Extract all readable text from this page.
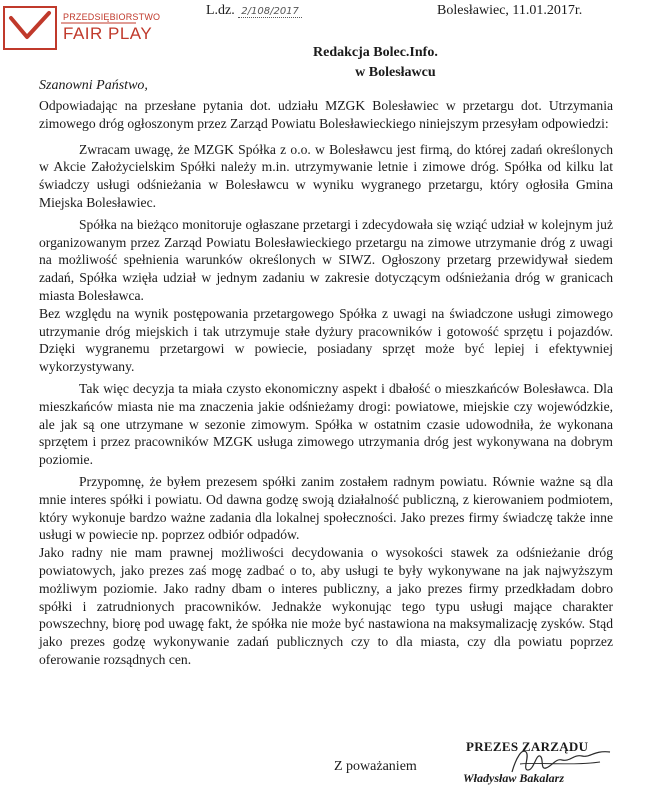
PRZEDSIĘBIORSTWO
FAIR PLAY
L.dz. 2/108/2017	Bolesławiec, 11.01.2017r.
Redakcja Bolec.Info.
w Bolesławcu
Szanowni Państwo,

Odpowiadając na przesłane pytania dot. udziału MZGK Bolesławiec w przetargu dot. Utrzymania zimowego dróg ogłoszonym przez Zarząd Powiatu Bolesławieckiego niniejszym przesyłam odpowiedzi:

Zwracam uwagę, że MZGK Spółka z o.o. w Bolesławcu jest firmą, do której zadań określonych w Akcie Założycielskim Spółki należy m.in. utrzymywanie letnie i zimowe dróg. Spółka od kilku lat świadczy usługi odśnieżania w Bolesławcu w wyniku wygranego przetargu, który ogłosiła Gmina Miejska Bolesławiec.

Spółka na bieżąco monitoruje ogłaszane przetargi i zdecydowała się wziąć udział w kolejnym już organizowanym przez Zarząd Powiatu Bolesławieckiego przetargu na zimowe utrzymanie dróg z uwagi na możliwość spełnienia warunków określonych w SIWZ. Ogłoszony przetarg przewidywał siedem zadań, Spółka wzięła udział w jednym zadaniu w zakresie dotyczącym odśnieżania dróg w granicach miasta Bolesławca.

Bez względu na wynik postępowania przetargowego Spółka z uwagi na świadczone usługi zimowego utrzymanie dróg miejskich i tak utrzymuje stałe dyżury pracowników i gotowość sprzętu i pojazdów. Dzięki wygranemu przetargowi w powiecie, posiadany sprzęt może być lepiej i efektywniej wykorzystywany.

Tak więc decyzja ta miała czysto ekonomiczny aspekt i dbałość o mieszkańców Bolesławca. Dla mieszkańców miasta nie ma znaczenia jakie odśnieżamy drogi: powiatowe, miejskie czy wojewódzkie, ale jak są one utrzymane w sezonie zimowym. Spółka w ostatnim czasie udowodniła, że wykonana sprzętem i przez pracowników MZGK usługa zimowego utrzymania dróg jest wykonywana na dobrym poziomie.

Przypomnę, że byłem prezesem spółki zanim zostałem radnym powiatu. Równie ważne są dla mnie interes spółki i powiatu. Od dawna godzę swoją działalność publiczną, z kierowaniem podmiotem, który wykonuje bardzo ważne zadania dla lokalnej społeczności. Jako prezes firmy świadczę także inne usługi w powiecie np. poprzez odbiór odpadów.

Jako radny nie mam prawnej możliwości decydowania o wysokości stawek za odśnieżanie dróg powiatowych, jako prezes zaś mogę zadbać o to, aby usługi te były wykonywane na jak najwyższym możliwym poziomie. Jako radny dbam o interes publiczny, a jako prezes firmy przedkładam dobro spółki i zatrudnionych pracowników. Jednakże wykonując tego typu usługi mające charakter powszechny, biorę pod uwagę fakt, że spółka nie może być nastawiona na maksymalizację zysków. Stąd jako prezes godzę wykonywanie zadań publicznych czy to dla miasta, czy dla powiatu poprzez oferowanie rozsądnych cen.

Z poważaniem
PREZES ZARZĄDU
Władysław Bakalarz
